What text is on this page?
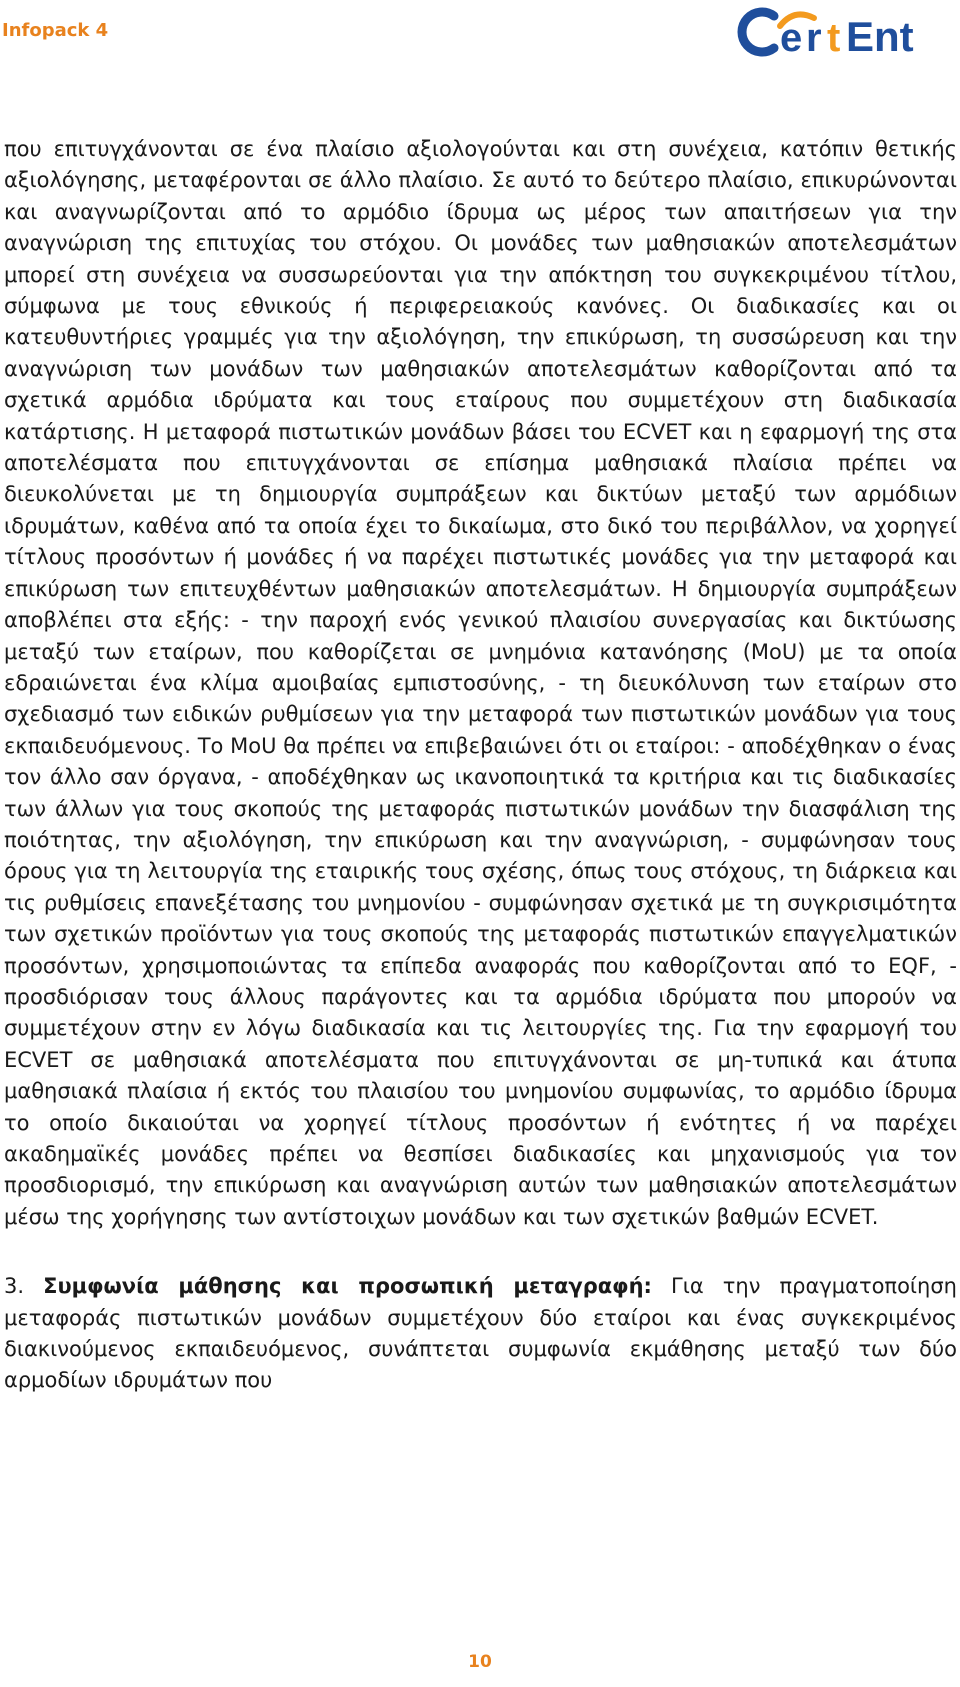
Infopack 4	e r t Ent

που επιτυγχάνονται σε ένα πλαίσιο αξιολογούνται και στη συνέχεια, κατόπιν θετικής αξιολόγησης, μεταφέρονται σε άλλο πλαίσιο. Σε αυτό το δεύτερο πλαίσιο, επικυρώνονται και αναγνωρίζονται από το αρμόδιο ίδρυμα ως μέρος των απαιτήσεων για την αναγνώριση της επιτυχίας του στόχου. Οι μονάδες των μαθησιακών αποτελεσμάτων μπορεί στη συνέχεια να συσσωρεύονται για την απόκτηση του συγκεκριμένου τίτλου, σύμφωνα με τους εθνικούς ή περιφερειακούς κανόνες. Οι διαδικασίες και οι κατευθυντήριες γραμμές για την αξιολόγηση, την επικύρωση, τη συσσώρευση και την αναγνώριση των μονάδων των μαθησιακών αποτελεσμάτων καθορίζονται από τα σχετικά αρμόδια ιδρύματα και τους εταίρους που συμμετέχουν στη διαδικασία κατάρτισης. Η μεταφορά πιστωτικών μονάδων βάσει του ECVET και η εφαρμογή της στα αποτελέσματα που επιτυγχάνονται σε επίσημα μαθησιακά πλαίσια πρέπει να διευκολύνεται με τη δημιουργία συμπράξεων και δικτύων μεταξύ των αρμόδιων ιδρυμάτων, καθένα από τα οποία έχει το δικαίωμα, στο δικό του περιβάλλον, να χορηγεί τίτλους προσόντων ή μονάδες ή να παρέχει πιστωτικές μονάδες για την μεταφορά και επικύρωση των επιτευχθέντων μαθησιακών αποτελεσμάτων. Η δημιουργία συμπράξεων αποβλέπει στα εξής: - την παροχή ενός γενικού πλαισίου συνεργασίας και δικτύωσης μεταξύ των εταίρων, που καθορίζεται σε μνημόνια κατανόησης (MoU) με τα οποία εδραιώνεται ένα κλίμα αμοιβαίας εμπιστοσύνης, - τη διευκόλυνση των εταίρων στο σχεδιασμό των ειδικών ρυθμίσεων για την μεταφορά των πιστωτικών μονάδων για τους εκπαιδευόμενους. Το MoU θα πρέπει να επιβεβαιώνει ότι οι εταίροι: - αποδέχθηκαν ο ένας τον άλλο σαν όργανα, - αποδέχθηκαν ως ικανοποιητικά τα κριτήρια και τις διαδικασίες των άλλων για τους σκοπούς της μεταφοράς πιστωτικών μονάδων την διασφάλιση της ποιότητας, την αξιολόγηση, την επικύρωση και την αναγνώριση, - συμφώνησαν τους όρους για τη λειτουργία της εταιρικής τους σχέσης, όπως τους στόχους, τη διάρκεια και τις ρυθμίσεις επανεξέτασης του μνημονίου - συμφώνησαν σχετικά με τη συγκρισιμότητα των σχετικών προϊόντων για τους σκοπούς της μεταφοράς πιστωτικών επαγγελματικών προσόντων, χρησιμοποιώντας τα επίπεδα αναφοράς που καθορίζονται από το EQF, - προσδιόρισαν τους άλλους παράγοντες και τα αρμόδια ιδρύματα που μπορούν να συμμετέχουν στην εν λόγω διαδικασία και τις λειτουργίες της. Για την εφαρμογή του ECVET σε μαθησιακά αποτελέσματα που επιτυγχάνονται σε μη-τυπικά και άτυπα μαθησιακά πλαίσια ή εκτός του πλαισίου του μνημονίου συμφωνίας, το αρμόδιο ίδρυμα το οποίο δικαιούται να χορηγεί τίτλους προσόντων ή ενότητες ή να παρέχει ακαδημαϊκές μονάδες πρέπει να θεσπίσει διαδικασίες και μηχανισμούς για τον προσδιορισμό, την επικύρωση και αναγνώριση αυτών των μαθησιακών αποτελεσμάτων μέσω της χορήγησης των αντίστοιχων μονάδων και των σχετικών βαθμών ECVET.

3. Συμφωνία μάθησης και προσωπική μεταγραφή: Για την πραγματοποίηση μεταφοράς πιστωτικών μονάδων συμμετέχουν δύο εταίροι και ένας συγκεκριμένος διακινούμενος εκπαιδευόμενος, συνάπτεται συμφωνία εκμάθησης μεταξύ των δύο αρμοδίων ιδρυμάτων που

10
